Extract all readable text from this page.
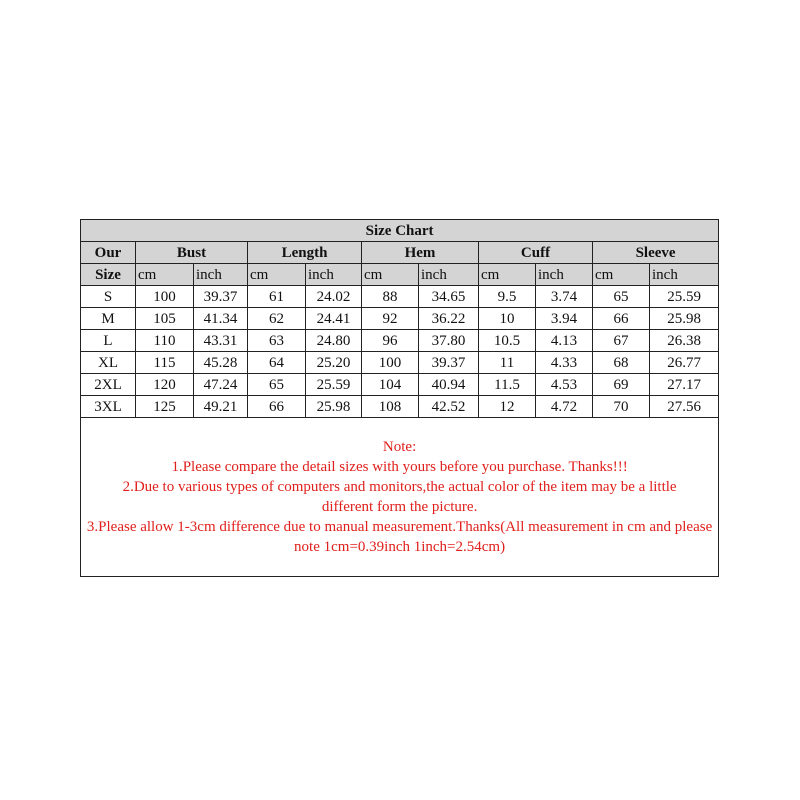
Size Chart										
Our	Bust		Length		Hem		Cuff		Sleeve	
Size	cm	inch	cm	inch	cm	inch	cm	inch	cm	inch
S	100	39.37	61	24.02	88	34.65	9.5	3.74	65	25.59
M	105	41.34	62	24.41	92	36.22	10	3.94	66	25.98
L	110	43.31	63	24.80	96	37.80	10.5	4.13	67	26.38
XL	115	45.28	64	25.20	100	39.37	11	4.33	68	26.77
2XL	120	47.24	65	25.59	104	40.94	11.5	4.53	69	27.17
3XL	125	49.21	66	25.98	108	42.52	12	4.72	70	27.56

Note:
1.Please compare the detail sizes with yours before you purchase. Thanks!!!
2.Due to various types of computers and monitors,the actual color of the item may be a little different form the picture.
3.Please allow 1-3cm difference due to manual measurement.Thanks(All measurement in cm and please note 1cm=0.39inch 1inch=2.54cm)										
